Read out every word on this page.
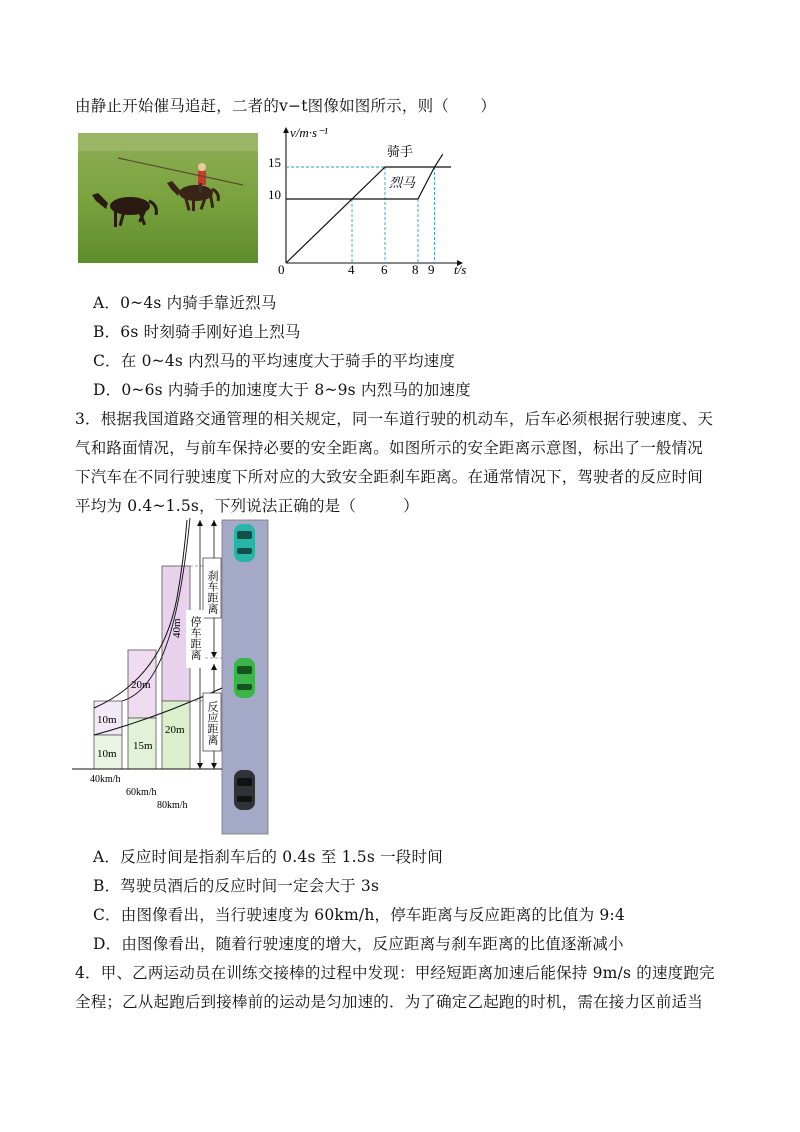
由静止开始催马追赶，二者的v−t图像如图所示，则（　　）
v/m·s⁻¹
t/s
15
10
0	4 6 8 9
骑手
烈马
A．0~4s 内骑手靠近烈马
B．6s 时刻骑手刚好追上烈马
C．在 0~4s 内烈马的平均速度大于骑手的平均速度
D．0~6s 内骑手的加速度大于 8~9s 内烈马的加速度
3．根据我国道路交通管理的相关规定，同一车道行驶的机动车，后车必须根据行驶速度、天
气和路面情况，与前车保持必要的安全距离。如图所示的安全距离示意图，标出了一般情况
下汽车在不同行驶速度下所对应的大致安全距刹车距离。在通常情况下，驾驶者的反应时间
平均为 0.4~1.5s，下列说法正确的是（　　　）
10m
10m
20m
15m
40m
20m
刹车距离
停车距离
反应距离
40km/h
60km/h
80km/h
A．反应时间是指刹车后的 0.4s 至 1.5s 一段时间
B．驾驶员酒后的反应时间一定会大于 3s
C．由图像看出，当行驶速度为 60km/h，停车距离与反应距离的比值为 9:4
D．由图像看出，随着行驶速度的增大，反应距离与刹车距离的比值逐渐减小
4．甲、乙两运动员在训练交接棒的过程中发现：甲经短距离加速后能保持 9m/s 的速度跑完
全程；乙从起跑后到接棒前的运动是匀加速的．为了确定乙起跑的时机，需在接力区前适当
